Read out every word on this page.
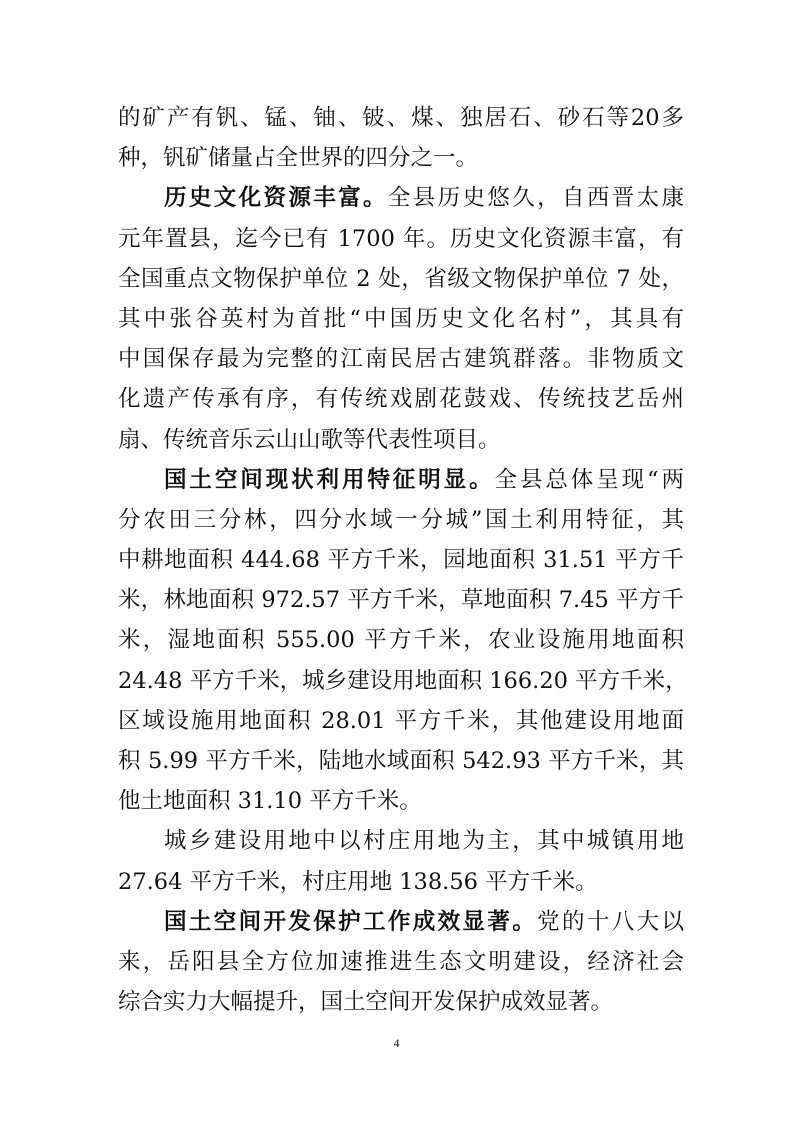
的矿产有钒、锰、铀、铍、煤、独居石、砂石等20多
种，钒矿储量占全世界的四分之一。
历史文化资源丰富。全县历史悠久，自西晋太康
元年置县，迄今已有 1700 年。历史文化资源丰富，有
全国重点文物保护单位 2 处，省级文物保护单位 7 处，
其中张谷英村为首批“中国历史文化名村”，其具有
中国保存最为完整的江南民居古建筑群落。非物质文
化遗产传承有序，有传统戏剧花鼓戏、传统技艺岳州
扇、传统音乐云山山歌等代表性项目。
国土空间现状利用特征明显。全县总体呈现“两
分农田三分林，四分水域一分城”国土利用特征，其
中耕地面积 444.68 平方千米，园地面积 31.51 平方千
米，林地面积 972.57 平方千米，草地面积 7.45 平方千
米，湿地面积 555.00 平方千米，农业设施用地面积
24.48 平方千米，城乡建设用地面积 166.20 平方千米，
区域设施用地面积 28.01 平方千米，其他建设用地面
积 5.99 平方千米，陆地水域面积 542.93 平方千米，其
他土地面积 31.10 平方千米。
城乡建设用地中以村庄用地为主，其中城镇用地
27.64 平方千米，村庄用地 138.56 平方千米。
国土空间开发保护工作成效显著。党的十八大以
来，岳阳县全方位加速推进生态文明建设，经济社会
综合实力大幅提升，国土空间开发保护成效显著。
4
